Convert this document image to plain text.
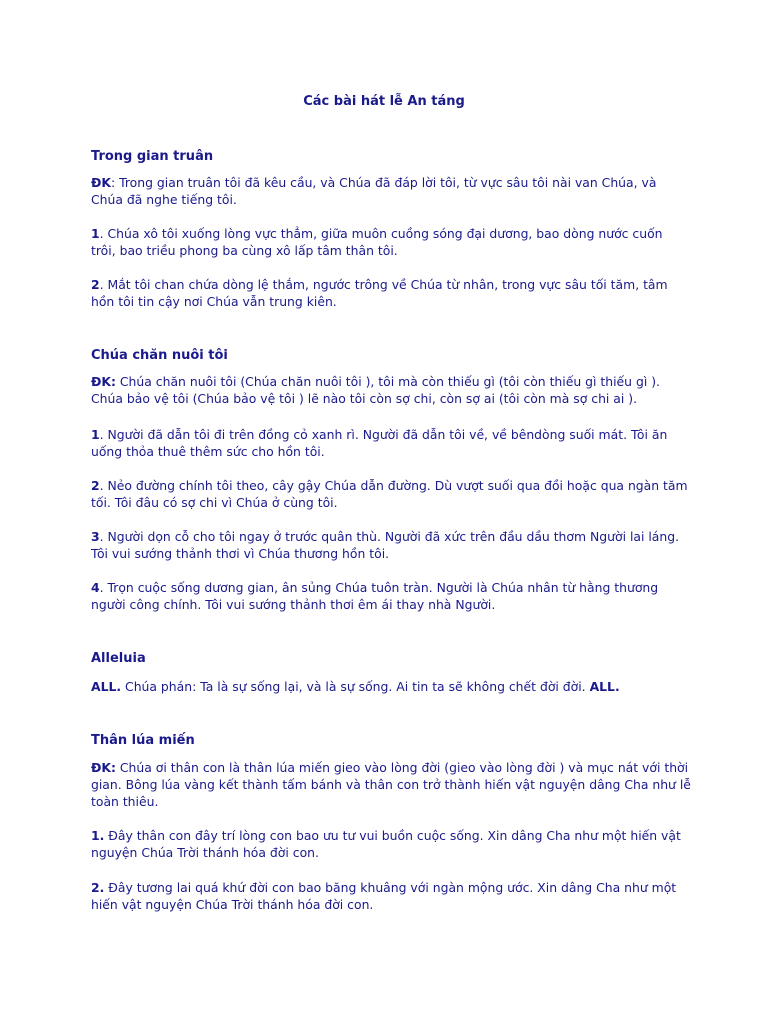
Các bài hát lễ An táng
Trong gian truân

ĐK: Trong gian truân tôi đã kêu cầu, và Chúa đã đáp lời tôi, từ vực sâu tôi nài van Chúa, và Chúa đã nghe tiếng tôi.

1. Chúa xô tôi xuống lòng vực thẳm, giữa muôn cuồng sóng đại dương, bao dòng nước cuốn trôi, bao triều phong ba cùng xô lấp tâm thân tôi.

2. Mắt tôi chan chứa dòng lệ thắm, ngước trông về Chúa từ nhân, trong vực sâu tối tăm, tâm hồn tôi tin cậy nơi Chúa vẫn trung kiên.

Chúa chăn nuôi tôi

ĐK: Chúa chăn nuôi tôi (Chúa chăn nuôi tôi ), tôi mà còn thiếu gì (tôi còn thiếu gì thiếu gì ). Chúa bảo vệ tôi (Chúa bảo vệ tôi ) lẽ nào tôi còn sợ chi, còn sợ ai (tôi còn mà sợ chi ai ).

1. Người đã dẫn tôi đi trên đồng cỏ xanh rì. Người đã dẫn tôi về, về bêndòng suối mát. Tôi ăn uống thỏa thuê thêm sức cho hồn tôi.

2. Nẻo đường chính tôi theo, cây gậy Chúa dẫn đường. Dù vượt suối qua đồi hoặc qua ngàn tăm tối. Tôi đâu có sợ chi vì Chúa ở cùng tôi.

3. Người dọn cỗ cho tôi ngay ở trước quân thù. Người đã xức trên đầu dầu thơm Người lai láng. Tôi vui sướng thảnh thơi vì Chúa thương hồn tôi.

4. Trọn cuộc sống dương gian, ân sủng Chúa tuôn tràn. Người là Chúa nhân từ hằng thương người công chính. Tôi vui sướng thảnh thơi êm ái thay nhà Người.

Alleluia

ALL. Chúa phán: Ta là sự sống lại, và là sự sống. Ai tin ta sẽ không chết đời đời. ALL.

Thân lúa miến

ĐK: Chúa ơi thân con là thân lúa miến gieo vào lòng đời (gieo vào lòng đời ) và mục nát với thời gian. Bông lúa vàng kết thành tấm bánh và thân con trở thành hiến vật nguyện dâng Cha như lễ toàn thiêu.

1. Đây thân con đây trí lòng con bao ưu tư vui buồn cuộc sống. Xin dâng Cha như một hiến vật nguyện Chúa Trời thánh hóa đời con.

2. Đây tương lai quá khứ đời con bao băng khuâng với ngàn mộng ước. Xin dâng Cha như một hiến vật nguyện Chúa Trời thánh hóa đời con.
